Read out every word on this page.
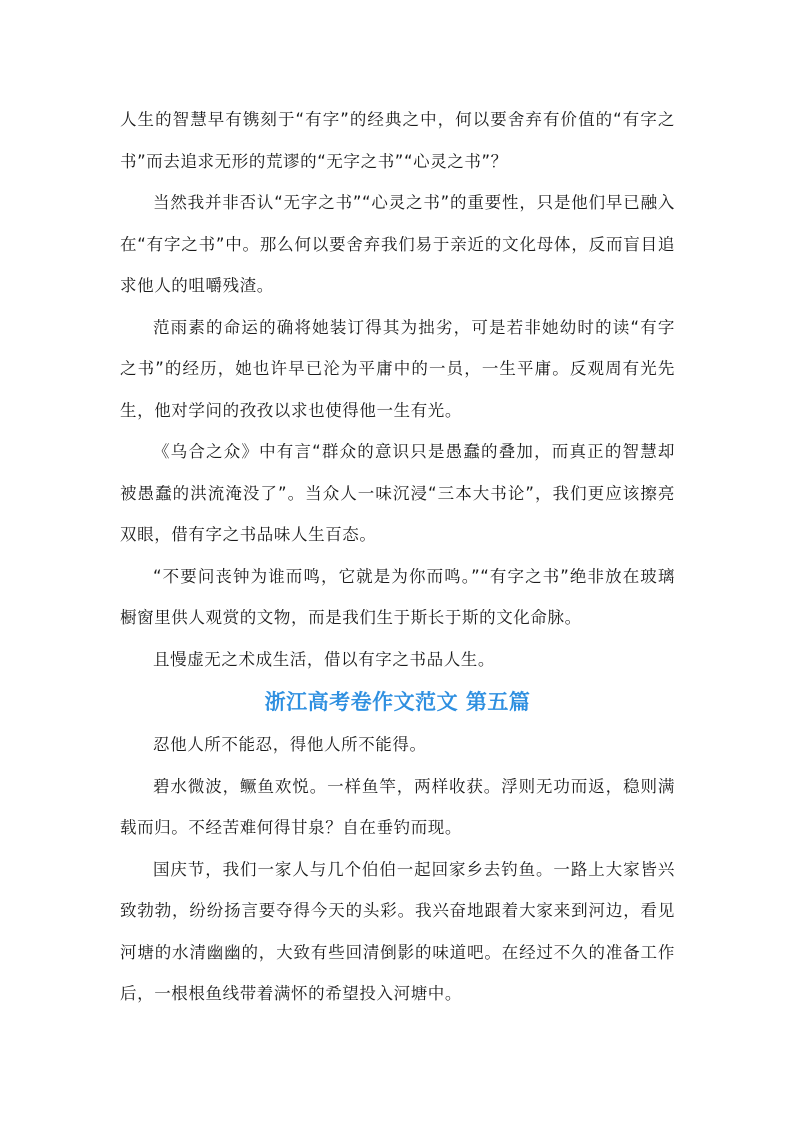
人生的智慧早有镌刻于“有字”的经典之中，何以要舍弃有价值的“有字之书”而去追求无形的荒谬的“无字之书”“心灵之书”？

当然我并非否认“无字之书”“心灵之书”的重要性，只是他们早已融入在“有字之书”中。那么何以要舍弃我们易于亲近的文化母体，反而盲目追求他人的咀嚼残渣。

范雨素的命运的确将她装订得其为拙劣，可是若非她幼时的读“有字之书”的经历，她也许早已沦为平庸中的一员，一生平庸。反观周有光先生，他对学问的孜孜以求也使得他一生有光。

《乌合之众》中有言“群众的意识只是愚蠢的叠加，而真正的智慧却被愚蠢的洪流淹没了”。当众人一味沉浸“三本大书论”，我们更应该擦亮双眼，借有字之书品味人生百态。

“不要问丧钟为谁而鸣，它就是为你而鸣。”“有字之书”绝非放在玻璃橱窗里供人观赏的文物，而是我们生于斯长于斯的文化命脉。

且慢虚无之术成生活，借以有字之书品人生。

浙江高考卷作文范文 第五篇

忍他人所不能忍，得他人所不能得。

碧水微波，鳜鱼欢悦。一样鱼竿，两样收获。浮则无功而返，稳则满载而归。不经苦难何得甘泉？自在垂钓而现。

国庆节，我们一家人与几个伯伯一起回家乡去钓鱼。一路上大家皆兴致勃勃，纷纷扬言要夺得今天的头彩。我兴奋地跟着大家来到河边，看见河塘的水清幽幽的，大致有些回清倒影的味道吧。在经过不久的准备工作后，一根根鱼线带着满怀的希望投入河塘中。
